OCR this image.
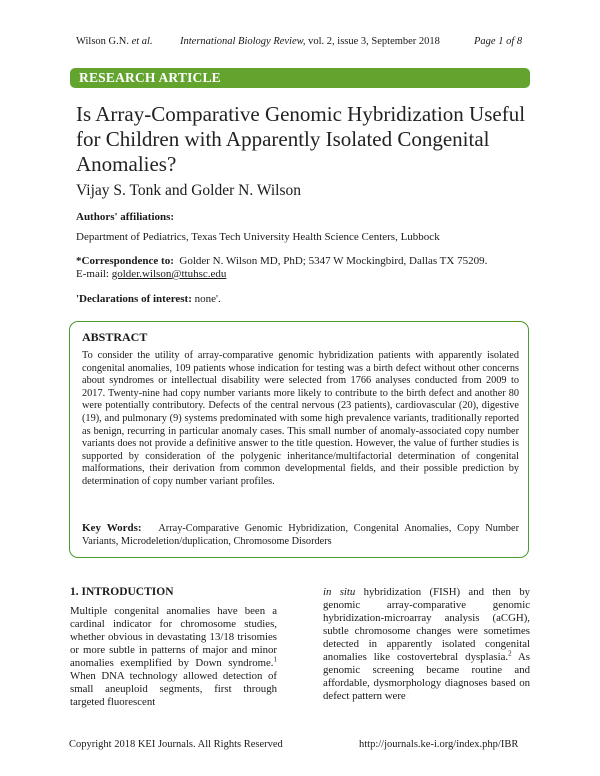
Wilson G.N. et al.	International Biology Review, vol. 2, issue 3, September 2018	Page 1 of 8
RESEARCH ARTICLE
Is Array-Comparative Genomic Hybridization Useful
for Children with Apparently Isolated Congenital
Anomalies?
Vijay S. Tonk and Golder N. Wilson
Authors' affiliations:
Department of Pediatrics, Texas Tech University Health Science Centers, Lubbock
*Correspondence to: Golder N. Wilson MD, PhD; 5347 W Mockingbird, Dallas TX 75209.
E-mail: golder.wilson@ttuhsc.edu
'Declarations of interest: none'.
ABSTRACT
To consider the utility of array-comparative genomic hybridization patients with apparently isolated congenital anomalies, 109 patients whose indication for testing was a birth defect without other concerns about syndromes or intellectual disability were selected from 1766 analyses conducted from 2009 to 2017. Twenty-nine had copy number variants more likely to contribute to the birth defect and another 80 were potentially contributory. Defects of the central nervous (23 patients), cardiovascular (20), digestive (19), and pulmonary (9) systems predominated with some high prevalence variants, traditionally reported as benign, recurring in particular anomaly cases. This small number of anomaly-associated copy number variants does not provide a definitive answer to the title question. However, the value of further studies is supported by consideration of the polygenic inheritance/multifactorial determination of congenital malformations, their derivation from common developmental fields, and their possible prediction by determination of copy number variant profiles.
Key Words: Array-Comparative Genomic Hybridization, Congenital Anomalies, Copy Number Variants, Microdeletion/duplication, Chromosome Disorders
1. INTRODUCTION
Multiple congenital anomalies have been a cardinal indicator for chromosome studies, whether obvious in devastating 13/18 trisomies or more subtle in patterns of major and minor anomalies exemplified by Down syndrome.$^1$ When DNA technology allowed detection of small aneuploid segments, first through targeted fluorescent
in situ hybridization (FISH) and then by genomic array-comparative genomic hybridization-microarray analysis (aCGH), subtle chromosome changes were sometimes detected in apparently isolated congenital anomalies like costovertebral dysplasia.$^2$ As genomic screening became routine and affordable, dysmorphology diagnoses based on defect pattern were
Copyright 2018 KEI Journals. All Rights Reserved	http://journals.ke-i.org/index.php/IBR
